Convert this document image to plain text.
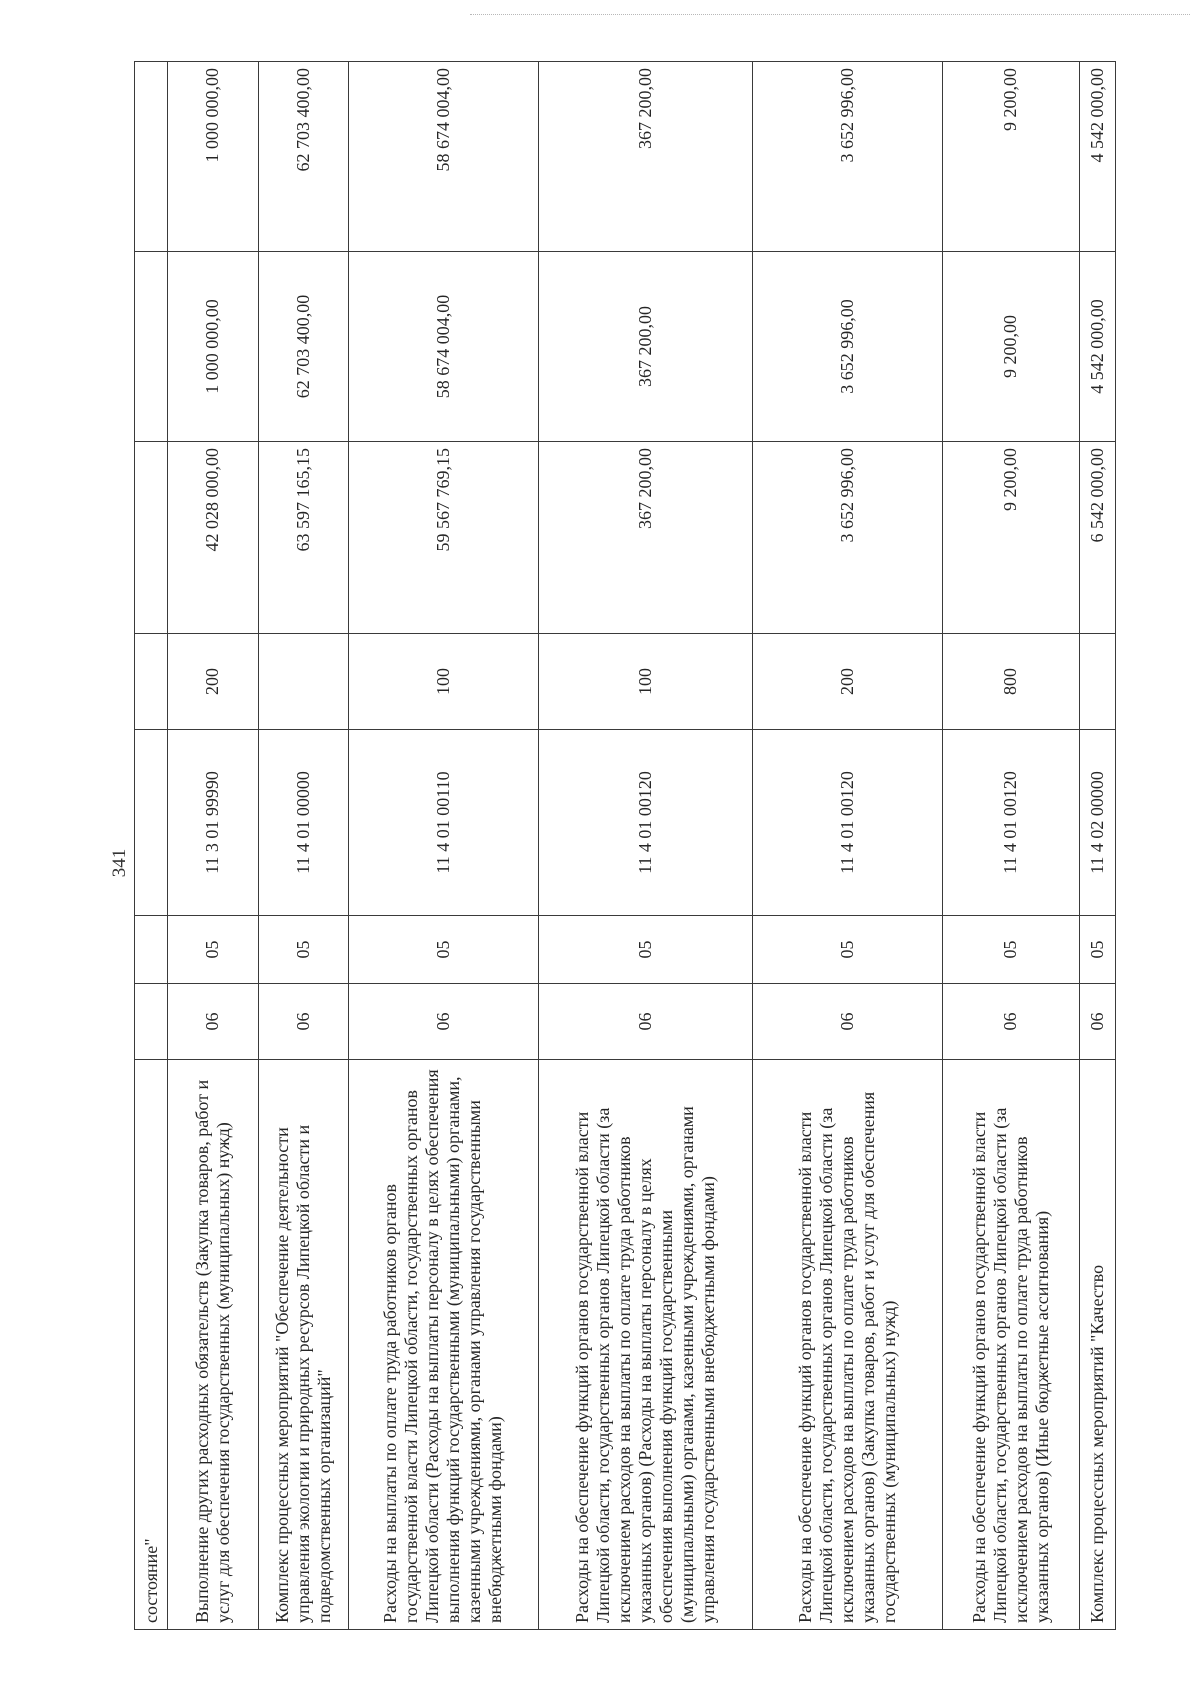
341
состояние"							
Выполнение других расходных обязательств (Закупка товаров, работ и услуг для обеспечения государственных (муниципальных) нужд)	06	05	11 3 01 99990	200	42 028 000,00	1 000 000,00	1 000 000,00
Комплекс процессных мероприятий "Обеспечение деятельности управления экологии и природных ресурсов Липецкой области и подведомственных организаций"	06	05	11 4 01 00000		63 597 165,15	62 703 400,00	62 703 400,00
Расходы на выплаты по оплате труда работников органов государственной власти Липецкой области, государственных органов Липецкой области (Расходы на выплаты персоналу в целях обеспечения выполнения функций государственными (муниципальными) органами, казенными учреждениями, органами управления государственными внебюджетными фондами)	06	05	11 4 01 00110	100	59 567 769,15	58 674 004,00	58 674 004,00
Расходы на обеспечение функций органов государственной власти Липецкой области, государственных органов Липецкой области (за исключением расходов на выплаты по оплате труда работников указанных органов) (Расходы на выплаты персоналу в целях обеспечения выполнения функций государственными (муниципальными) органами, казенными учреждениями, органами управления государственными внебюджетными фондами)	06	05	11 4 01 00120	100	367 200,00	367 200,00	367 200,00
Расходы на обеспечение функций органов государственной власти Липецкой области, государственных органов Липецкой области (за исключением расходов на выплаты по оплате труда работников указанных органов) (Закупка товаров, работ и услуг для обеспечения государственных (муниципальных) нужд)	06	05	11 4 01 00120	200	3 652 996,00	3 652 996,00	3 652 996,00
Расходы на обеспечение функций органов государственной власти Липецкой области, государственных органов Липецкой области (за исключением расходов на выплаты по оплате труда работников указанных органов) (Иные бюджетные ассигнования)	06	05	11 4 01 00120	800	9 200,00	9 200,00	9 200,00
Комплекс процессных мероприятий "Качество	06	05	11 4 02 00000		6 542 000,00	4 542 000,00	4 542 000,00
